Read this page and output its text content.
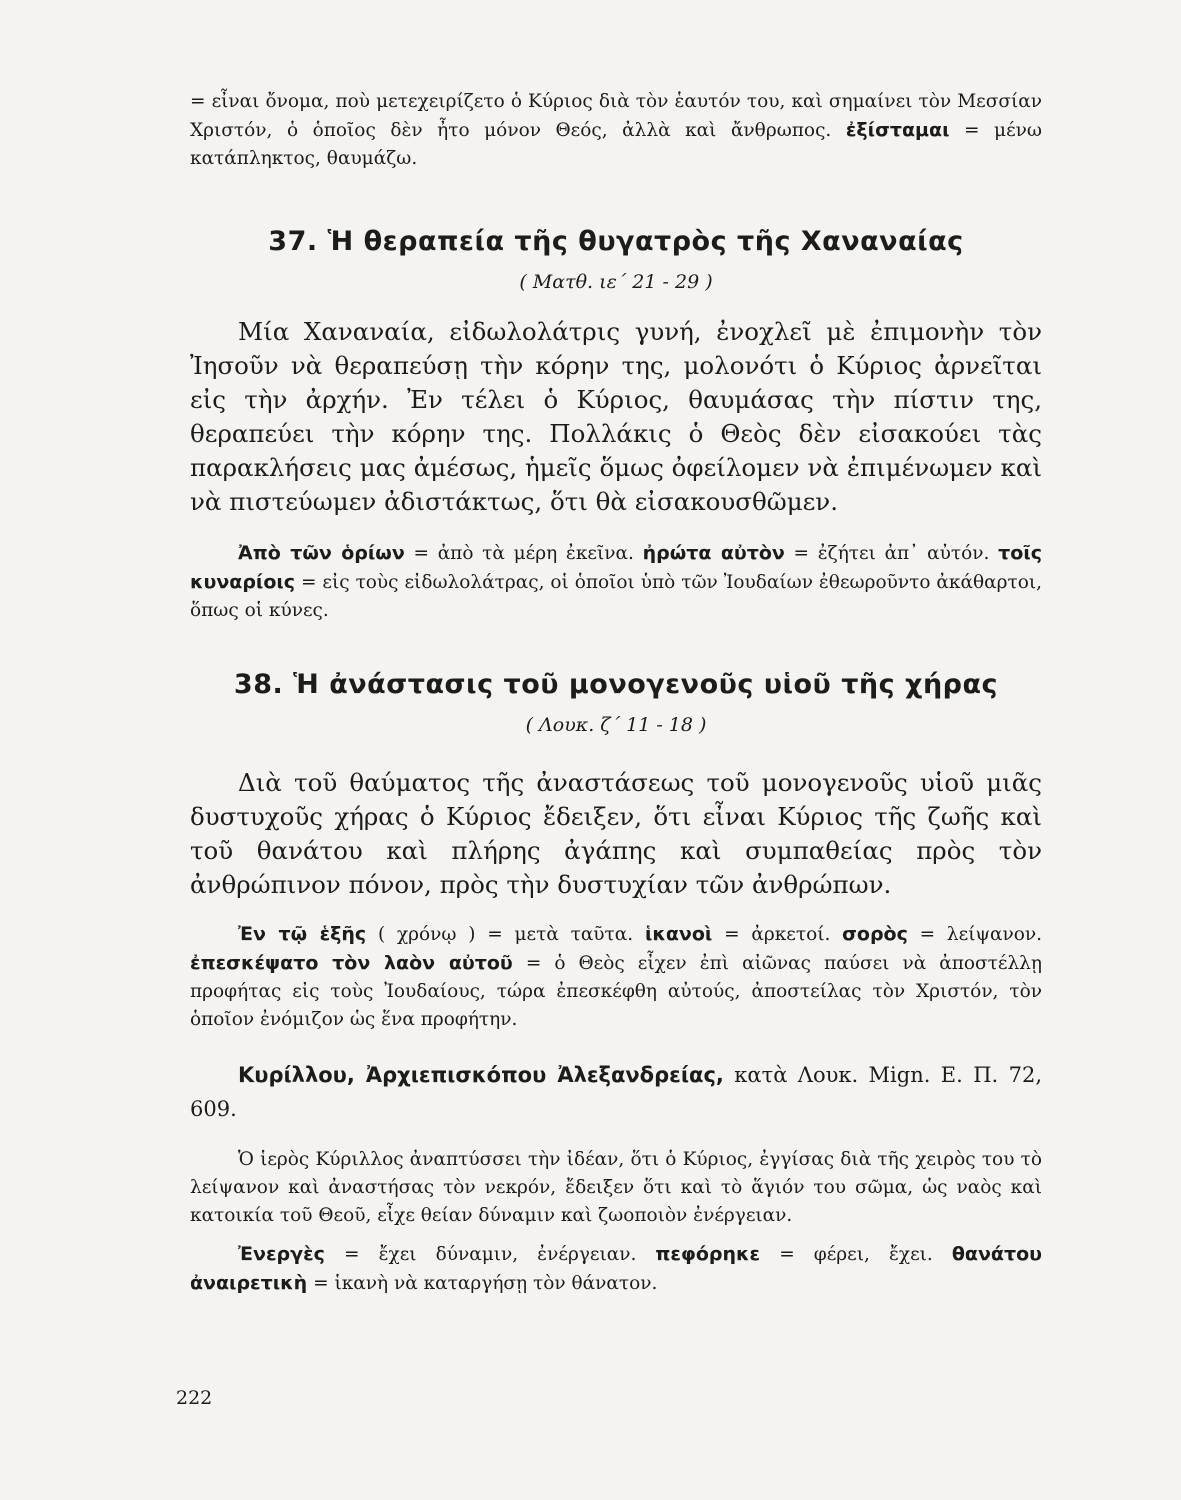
= εἶναι ὄνομα, ποὺ μετεχειρίζετο ὁ Κύριος διὰ τὸν ἑαυτόν του, καὶ σημαίνει τὸν Μεσσίαν Χριστόν, ὁ ὁποῖος δὲν ἦτο μόνον Θεός, ἀλλὰ καὶ ἄνθρωπος. ἐξίσταμαι = μένω κατάπληκτος, θαυμάζω.

37. Ἡ θεραπεία τῆς θυγατρὸς τῆς Χαναναίας

( Ματθ. ιε΄ 21 - 29 )

Μία Χαναναία, εἰδωλολάτρις γυνή, ἐνοχλεῖ μὲ ἐπιμονὴν τὸν Ἰησοῦν νὰ θεραπεύσῃ τὴν κόρην της, μολονότι ὁ Κύριος ἀρνεῖται εἰς τὴν ἀρχήν. Ἐν τέλει ὁ Κύριος, θαυμάσας τὴν πίστιν της, θεραπεύει τὴν κόρην της. Πολλάκις ὁ Θεὸς δὲν εἰσακούει τὰς παρακλήσεις μας ἀμέσως, ἡμεῖς ὅμως ὀφείλομεν νὰ ἐπιμένωμεν καὶ νὰ πιστεύωμεν ἀδιστάκτως, ὅτι θὰ εἰσακουσθῶμεν.

Ἀπὸ τῶν ὁρίων = ἀπὸ τὰ μέρη ἐκεῖνα. ἠρώτα αὐτὸν = ἐζήτει ἀπ᾽ αὐτόν. τοῖς κυναρίοις = εἰς τοὺς εἰδωλολάτρας, οἱ ὁποῖοι ὑπὸ τῶν Ἰουδαίων ἐθεωροῦντο ἀκάθαρτοι, ὅπως οἱ κύνες.

38. Ἡ ἀνάστασις τοῦ μονογενοῦς υἱοῦ τῆς χήρας

( Λουκ. ζ΄ 11 - 18 )

Διὰ τοῦ θαύματος τῆς ἀναστάσεως τοῦ μονογενοῦς υἱοῦ μιᾶς δυστυχοῦς χήρας ὁ Κύριος ἔδειξεν, ὅτι εἶναι Κύριος τῆς ζωῆς καὶ τοῦ θανάτου καὶ πλήρης ἀγάπης καὶ συμπαθείας πρὸς τὸν ἀνθρώπινον πόνον, πρὸς τὴν δυστυχίαν τῶν ἀνθρώπων.

Ἐν τῷ ἑξῆς ( χρόνῳ ) = μετὰ ταῦτα. ἱκανοὶ = ἀρκετοί. σορὸς = λείψανον. ἐπεσκέψατο τὸν λαὸν αὐτοῦ = ὁ Θεὸς εἶχεν ἐπὶ αἰῶνας παύσει νὰ ἀποστέλλῃ προφήτας εἰς τοὺς Ἰουδαίους, τώρα ἐπεσκέφθη αὐτούς, ἀποστείλας τὸν Χριστόν, τὸν ὁποῖον ἐνόμιζον ὡς ἕνα προφήτην.

Κυρίλλου, Ἀρχιεπισκόπου Ἀλεξανδρείας, κατὰ Λουκ. Mign. E. Π. 72, 609.

Ὁ ἱερὸς Κύριλλος ἀναπτύσσει τὴν ἰδέαν, ὅτι ὁ Κύριος, ἐγγίσας διὰ τῆς χειρὸς του τὸ λείψανον καὶ ἀναστήσας τὸν νεκρόν, ἔδειξεν ὅτι καὶ τὸ ἅγιόν του σῶμα, ὡς ναὸς καὶ κατοικία τοῦ Θεοῦ, εἶχε θείαν δύναμιν καὶ ζωοποιὸν ἐνέργειαν.

Ἐνεργὲς = ἔχει δύναμιν, ἐνέργειαν. πεφόρηκε = φέρει, ἔχει. θανάτου ἀναιρετικὴ = ἱκανὴ νὰ καταργήσῃ τὸν θάνατον.

222
